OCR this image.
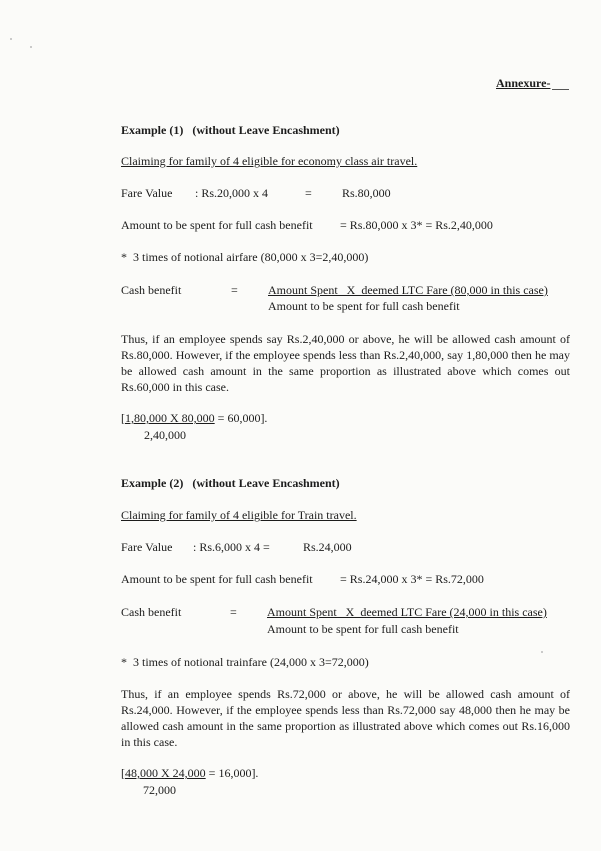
Annexure-
Example (1)   (without Leave Encashment)
Claiming for family of 4 eligible for economy class air travel.
Fare Value : Rs.20,000 x 4	=	Rs.80,000
Amount to be spent for full cash benefit = Rs.80,000 x 3* = Rs.2,40,000
*  3 times of notional airfare (80,000 x 3=2,40,000)
Cash benefit	=	Amount Spent   X  deemed LTC Fare (80,000 in this case)
Amount to be spent for full cash benefit
Thus, if an employee spends say Rs.2,40,000 or above, he will be allowed cash amount of Rs.80,000. However, if the employee spends less than Rs.2,40,000, say 1,80,000 then he may be allowed cash amount in the same proportion as illustrated above which comes out Rs.60,000 in this case.
[1,80,000 X 80,000 = 60,000].
2,40,000
Example (2)   (without Leave Encashment)
Claiming for family of 4 eligible for Train travel.
Fare Value : Rs.6,000 x 4 =	Rs.24,000
Amount to be spent for full cash benefit = Rs.24,000 x 3* = Rs.72,000
Cash benefit	=	Amount Spent   X  deemed LTC Fare (24,000 in this case)
Amount to be spent for full cash benefit
*  3 times of notional trainfare (24,000 x 3=72,000)
Thus, if an employee spends Rs.72,000 or above, he will be allowed cash amount of Rs.24,000. However, if the employee spends less than Rs.72,000 say 48,000 then he may be allowed cash amount in the same proportion as illustrated above which comes out Rs.16,000 in this case.
[48,000 X 24,000 = 16,000].
72,000
